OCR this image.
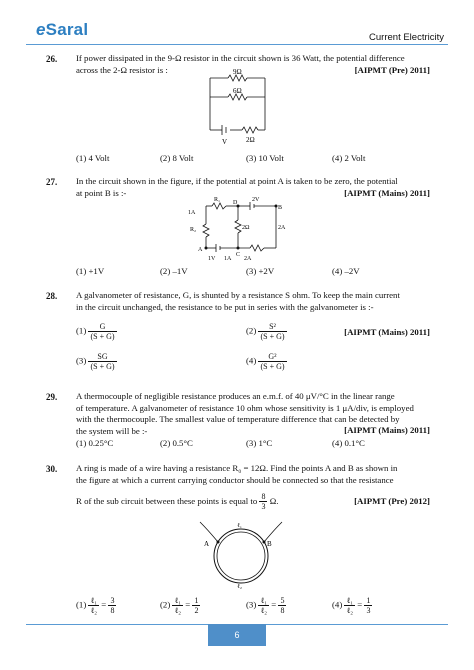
eSaral	Current Electricity
26. If power dissipated in the 9-Ω resistor in the circuit shown is 36 Watt, the potential difference
across the 2-Ω resistor is :	[AIPMT (Pre) 2011]
9Ω
6Ω
2Ω
V
(1) 4 Volt	(2) 8 Volt	(3) 10 Volt	(4) 2 Volt
27. In the circuit shown in the figure, if the potential at point A is taken to be zero, the potential
at point B is :-	[AIPMT (Mains) 2011]
R₁ D 2V
B
1A
R₂	2Ω	2A
A
C
1V 1A 2A
(1) +1V	(2) –1V	(3) +2V	(4) –2V
28. A galvanometer of resistance, G, is shunted by a resistance S ohm. To keep the main current
in the circuit unchanged, the resistance to be put in series with the galvanometer is :-
$(1) \frac{G}{(S + G)}$	$(2) \frac{\text{S²}}{(S + G)}$	[AIPMT (Mains) 2011]
$(3) \frac{SG}{(S + G)}$	$(4) \frac{\text{G²}}{(S + G)}$
29. A thermocouple of negligible resistance produces an e.m.f. of 40 μV/°C in the linear range
of temperature. A galvanometer of resistance 10 ohm whose sensitivity is 1 μA/div, is employed
with the thermocouple. The smallest value of temperature difference that can be detected by
the system will be :-	[AIPMT (Mains) 2011]
(1) 0.25°C	(2) 0.5°C	(3) 1°C	(4) 0.1°C
30. A ring is made of a wire having a resistance R₀ = 12Ω. Find the points A and B as shown in
the figure at which a current carrying conductor should be connected so that the resistance
R of the sub circuit between these points is equal to $\frac{8}{3} \Omega$.	[AIPMT (Pre) 2012]
A	B
ℓ₁
ℓ₂
$(1) \frac{\text{ℓ₁}}{\text{ℓ₂}} = \frac{3}{8}$	$(2) \frac{\text{ℓ₁}}{\text{ℓ₂}} = \frac{1}{2}$	$(3) \frac{\text{ℓ₁}}{\text{ℓ₂}} = \frac{5}{8}$	$(4) \frac{\text{ℓ₁}}{\text{ℓ₂}} = \frac{1}{3}$
6
